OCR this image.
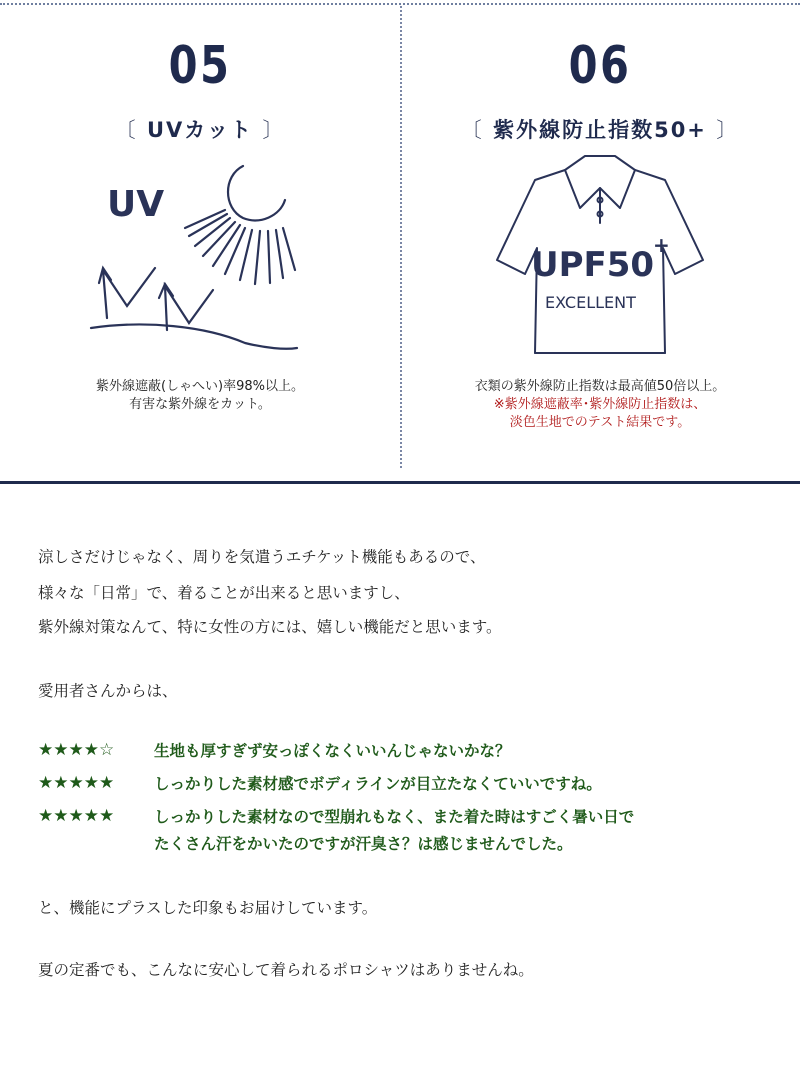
05
〔 UVカット 〕
UV
紫外線遮蔽(しゃへい)率98%以上。
有害な紫外線をカット。
06
〔 紫外線防止指数50+ 〕
UPF50
+
EXCELLENT
衣類の紫外線防止指数は最高値50倍以上。
※紫外線遮蔽率･紫外線防止指数は、
淡色生地でのテスト結果です。
涼しさだけじゃなく、周りを気遣うエチケット機能もあるので、
様々な「日常」で、着ることが出来ると思いますし、
紫外線対策なんて、特に女性の方には、嬉しい機能だと思います。
愛用者さんからは、
★★★★☆	生地も厚すぎず安っぽくなくいいんじゃないかな？
★★★★★	しっかりした素材感でボディラインが目立たなくていいですね。
★★★★★	しっかりした素材なので型崩れもなく、また着た時はすごく暑い日で
たくさん汗をかいたのですが汗臭さ？は感じませんでした。
と、機能にプラスした印象もお届けしています。
夏の定番でも、こんなに安心して着られるポロシャツはありませんね。
